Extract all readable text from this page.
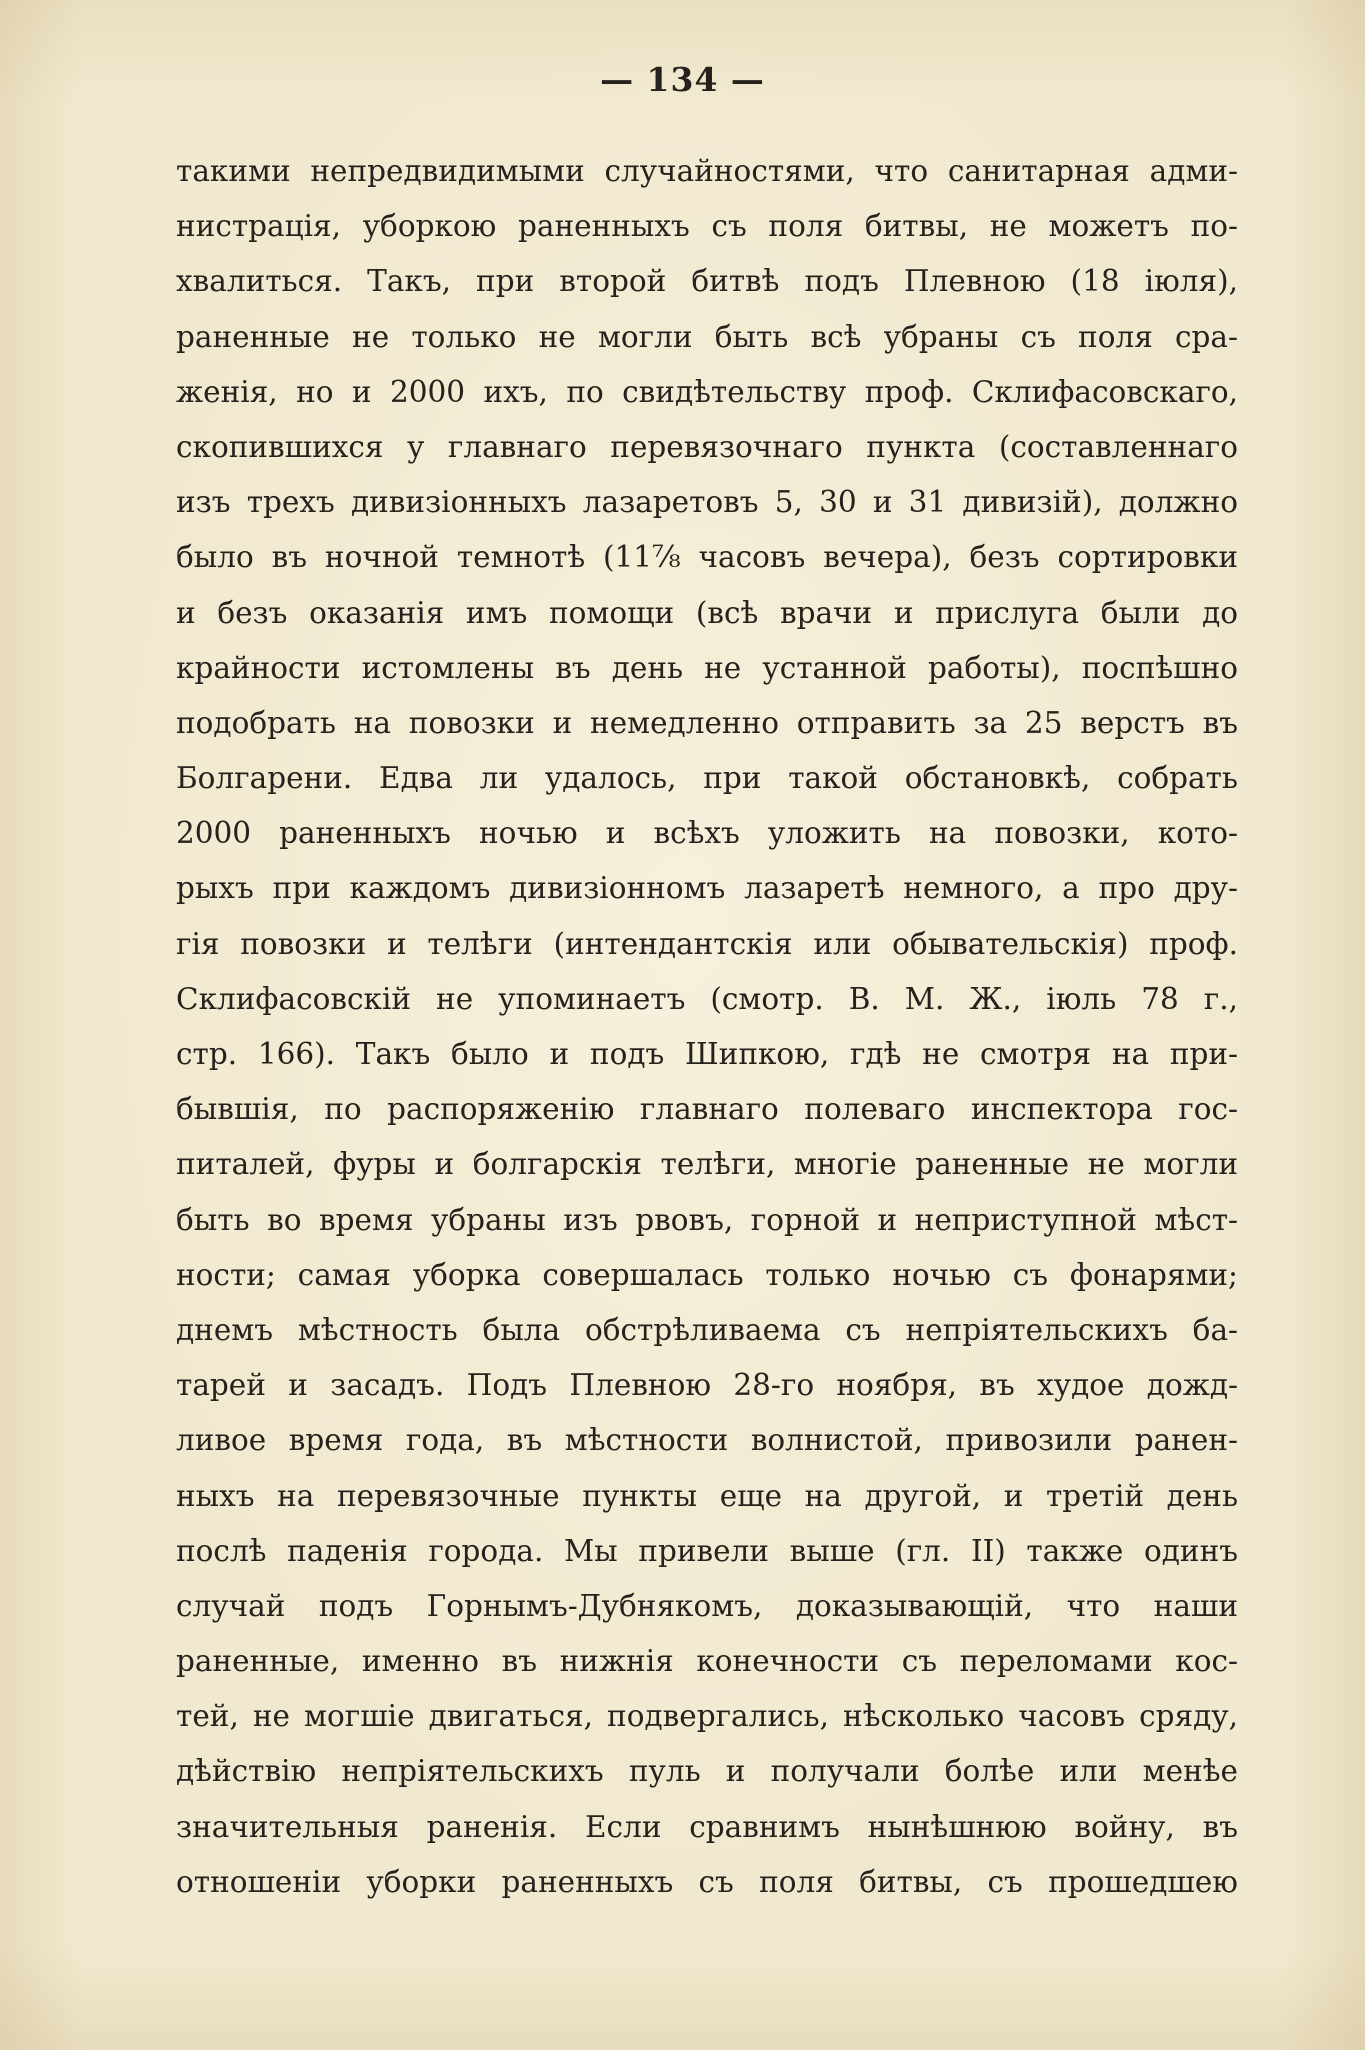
— 134 —
такими непредвидимыми случайностями, что санитарная адми-
нистрація, уборкою раненныхъ съ поля битвы, не можетъ по-
хвалиться. Такъ, при второй битвѣ подъ Плевною (18 іюля),
раненные не только не могли быть всѣ убраны съ поля сра-
женія, но и 2000 ихъ, по свидѣтельству проф. Склифасовскаго,
скопившихся у главнаго перевязочнаго пункта (составленнаго
изъ трехъ дивизіонныхъ лазаретовъ 5, 30 и 31 дивизій), должно
было въ ночной темнотѣ (11⅞ часовъ вечера), безъ сортировки
и безъ оказанія имъ помощи (всѣ врачи и прислуга были до
крайности истомлены въ день не устанной работы), поспѣшно
подобрать на повозки и немедленно отправить за 25 верстъ въ
Болгарени. Едва ли удалось, при такой обстановкѣ, собрать
2000 раненныхъ ночью и всѣхъ уложить на повозки, кото-
рыхъ при каждомъ дивизіонномъ лазаретѣ немного, а про дру-
гія повозки и телѣги (интендантскія или обывательскія) проф.
Склифасовскій не упоминаетъ (смотр. В. М. Ж., іюль 78 г.,
стр. 166). Такъ было и подъ Шипкою, гдѣ не смотря на при-
бывшія, по распоряженію главнаго полеваго инспектора гос-
питалей, фуры и болгарскія телѣги, многіе раненные не могли
быть во время убраны изъ рвовъ, горной и неприступной мѣст-
ности; самая уборка совершалась только ночью съ фонарями;
днемъ мѣстность была обстрѣливаема съ непріятельскихъ ба-
тарей и засадъ. Подъ Плевною 28-го ноября, въ худое дожд-
ливое время года, въ мѣстности волнистой, привозили ранен-
ныхъ на перевязочные пункты еще на другой, и третій день
послѣ паденія города. Мы привели выше (гл. II) также одинъ
случай подъ Горнымъ-Дубнякомъ, доказывающій, что наши
раненные, именно въ нижнія конечности съ переломами кос-
тей, не могшіе двигаться, подвергались, нѣсколько часовъ сряду,
дѣйствію непріятельскихъ пуль и получали болѣе или менѣе
значительныя раненія. Если сравнимъ нынѣшнюю войну, въ
отношеніи уборки раненныхъ съ поля битвы, съ прошедшею
